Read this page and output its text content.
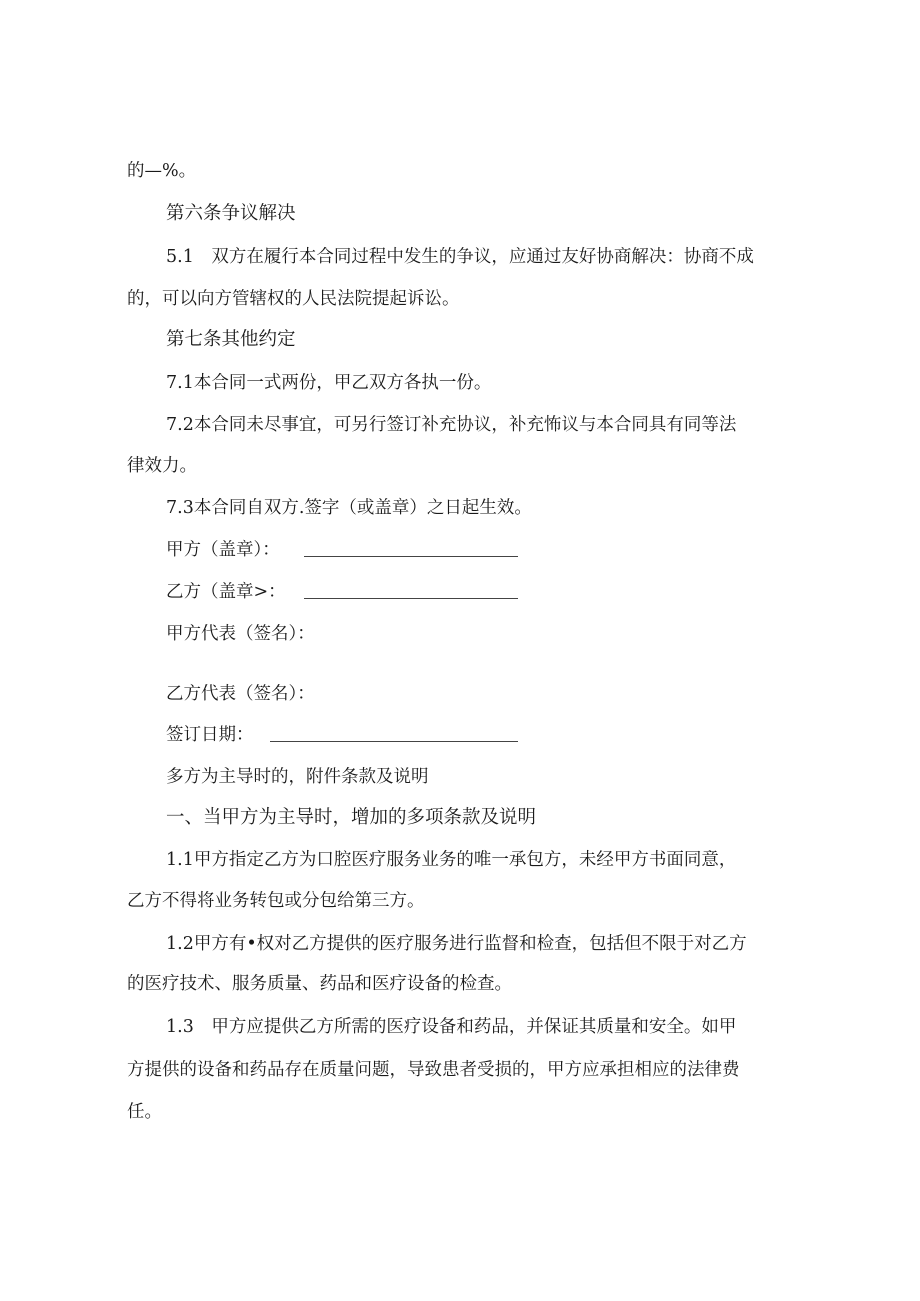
的—%。
第六条争议解决
5.1　双方在履行本合同过程中发生的争议，应通过友好协商解决：协商不成
的，可以向方管辖权的人民法院提起诉讼。
第七条其他约定
7.1本合同一式两份，甲乙双方各执一份。
7.2本合同未尽事宜，可另行签订补充协议，补充怖议与本合同具有同等法
律效力。
7.3本合同自双方.签字（或盖章）之日起生效。
甲方（盖章）：
乙方（盖章>：
甲方代表（签名）：
乙方代表（签名）：
签订日期：
多方为主导时的，附件条款及说明
一、当甲方为主导时，增加的多项条款及说明
1.1甲方指定乙方为口腔医疗服务业务的唯一承包方，未经甲方书面同意，
乙方不得将业务转包或分包给第三方。
1.2甲方有•权对乙方提供的医疗服务进行监督和检查，包括但不限于对乙方
的医疗技术、服务质量、药品和医疗设备的检查。
1.3　甲方应提供乙方所需的医疗设备和药品，并保证其质量和安全。如甲
方提供的设备和药品存在质量问题，导致患者受损的，甲方应承担相应的法律费
任。
